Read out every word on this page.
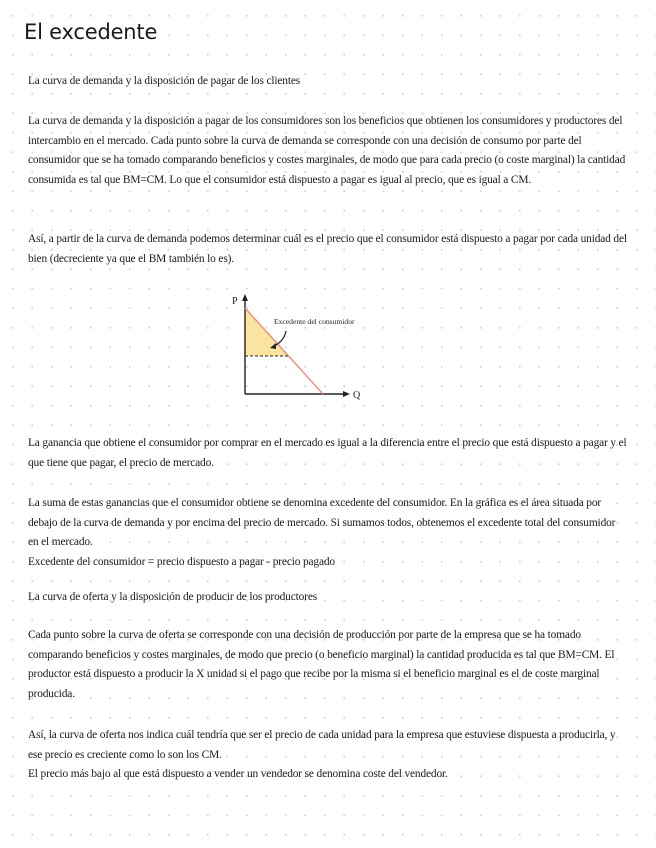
El excedente

La curva de demanda y la disposición de pagar de los clientes

La curva de demanda y la disposición a pagar de los consumidores son los beneficios que obtienen los consumidores y productores del intercambio en el mercado. Cada punto sobre la curva de demanda se corresponde con una decisión de consumo por parte del consumidor que se ha tomado comparando beneficios y costes marginales, de modo que para cada precio (o coste marginal) la cantidad consumida es tal que BM=CM. Lo que el consumidor está dispuesto a pagar es igual al precio, que es igual a CM.

Así, a partir de la curva de demanda podemos determinar cuál es el precio que el consumidor está dispuesto a pagar por cada unidad del bien (decreciente ya que el BM también lo es).

P
Q
Excedente del consumidor

La ganancia que obtiene el consumidor por comprar en el mercado es igual a la diferencia entre el precio que está dispuesto a pagar y el que tiene que pagar, el precio de mercado.

La suma de estas ganancias que el consumidor obtiene se denomina excedente del consumidor. En la gráfica es el área situada por debajo de la curva de demanda y por encima del precio de mercado. Si sumamos todos, obtenemos el excedente total del consumidor en el mercado.

Excedente del consumidor = precio dispuesto a pagar - precio pagado

La curva de oferta y la disposición de producir de los productores

Cada punto sobre la curva de oferta se corresponde con una decisión de producción por parte de la empresa que se ha tomado comparando beneficios y costes marginales, de modo que precio (o beneficio marginal) la cantidad producida es tal que BM=CM. El productor está dispuesto a producir la X unidad si el pago que recibe por la misma si el beneficio marginal es el de coste marginal producida.

Así, la curva de oferta nos indica cuál tendría que ser el precio de cada unidad para la empresa que estuviese dispuesta a producirla, y ese precio es creciente como lo son los CM.

El precio más bajo al que está dispuesto a vender un vendedor se denomina coste del vendedor.
